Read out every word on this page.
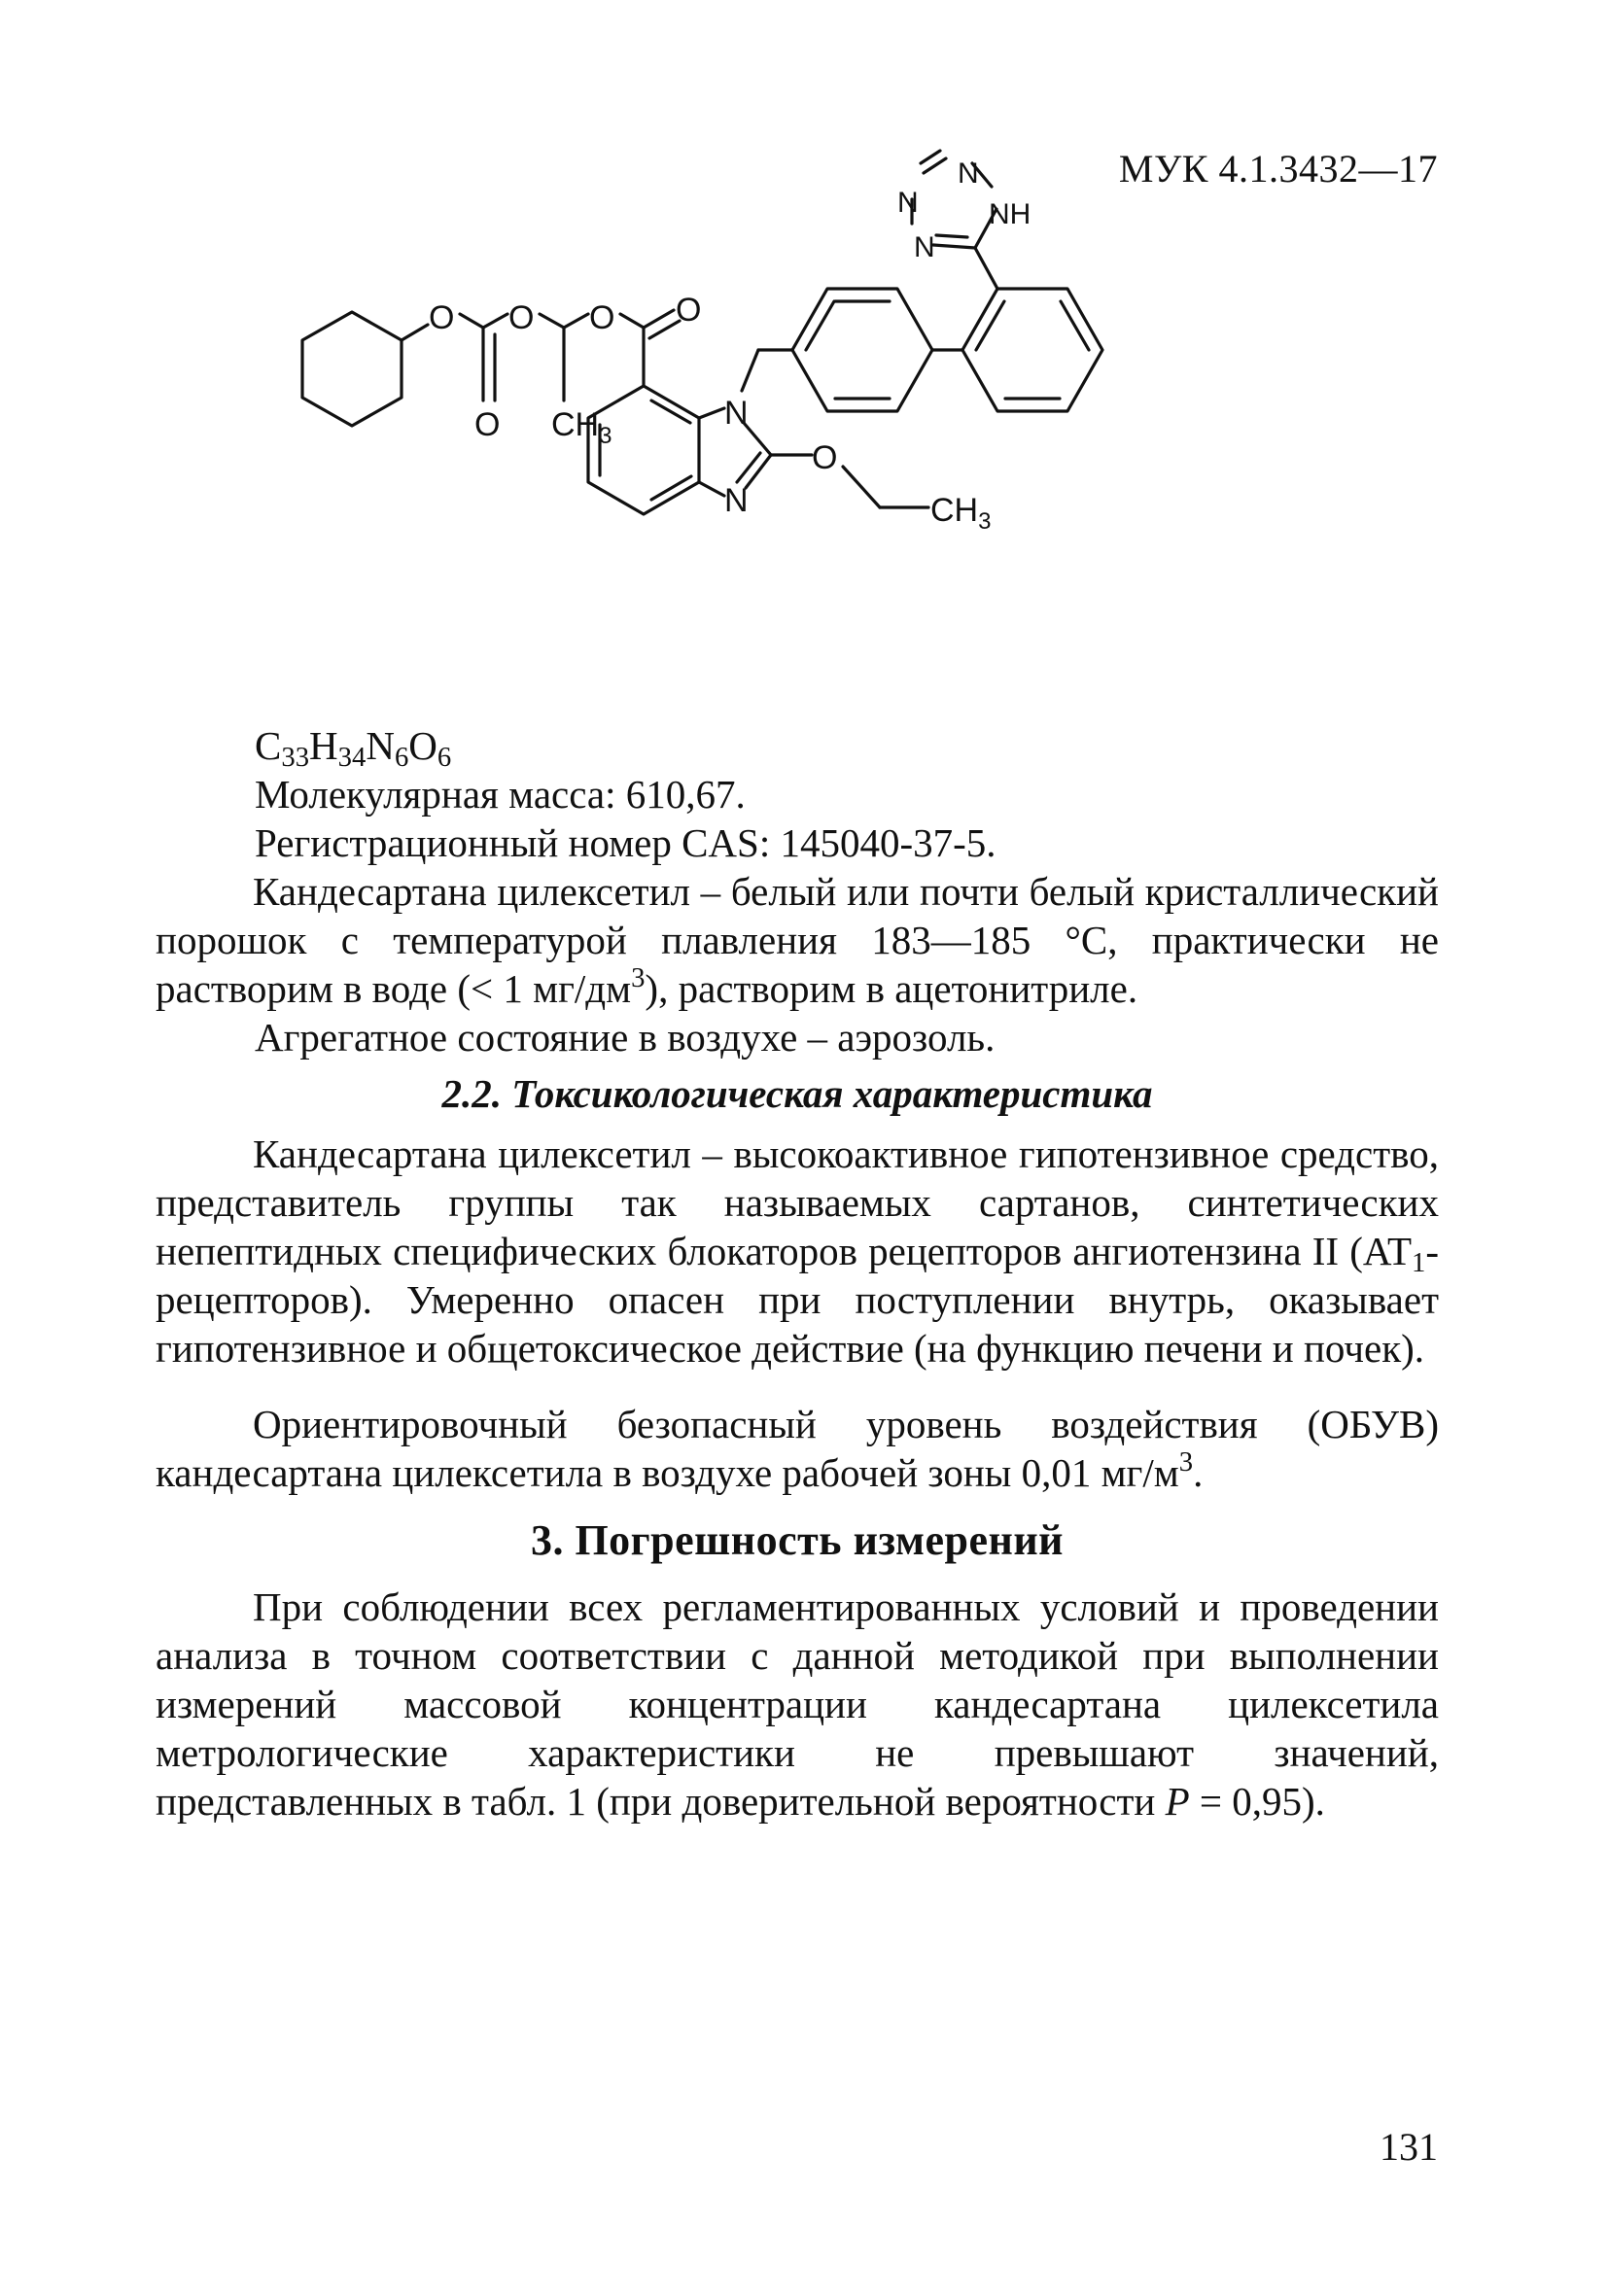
МУК 4.1.3432—17
O O O O
O $CH_3$
N
N
O
$CH_3$
N
N NH
N
$C_{33}H_{34}N_6O_6$
Молекулярная масса: 610,67.
Регистрационный номер CAS: 145040-37-5.

Кандесартана цилексетил – белый или почти белый кристаллический порошок с температурой плавления 183—185 °C, практически не растворим в воде (< 1 $мг/дм^3$), растворим в ацетонитриле.

Агрегатное состояние в воздухе – аэрозоль.

2.2. Токсикологическая характеристика

Кандесартана цилексетил – высокоактивное гипотензивное средство, представитель группы так называемых сартанов, синтетических непептидных специфических блокаторов рецепторов ангиотензина II $(AT_1-рецепторов)$. Умеренно опасен при поступлении внутрь, оказывает гипотензивное и общетоксическое действие (на функцию печени и почек).

Ориентировочный безопасный уровень воздействия (ОБУВ) кандесартана цилексетила в воздухе рабочей зоны 0,01 $мг/м^3$.

3. Погрешность измерений

При соблюдении всех регламентированных условий и проведении анализа в точном соответствии с данной методикой при выполнении измерений массовой концентрации кандесартана цилексетила метрологические характеристики не превышают значений, представленных в табл. 1 (при доверительной вероятности P = 0,95).

131
